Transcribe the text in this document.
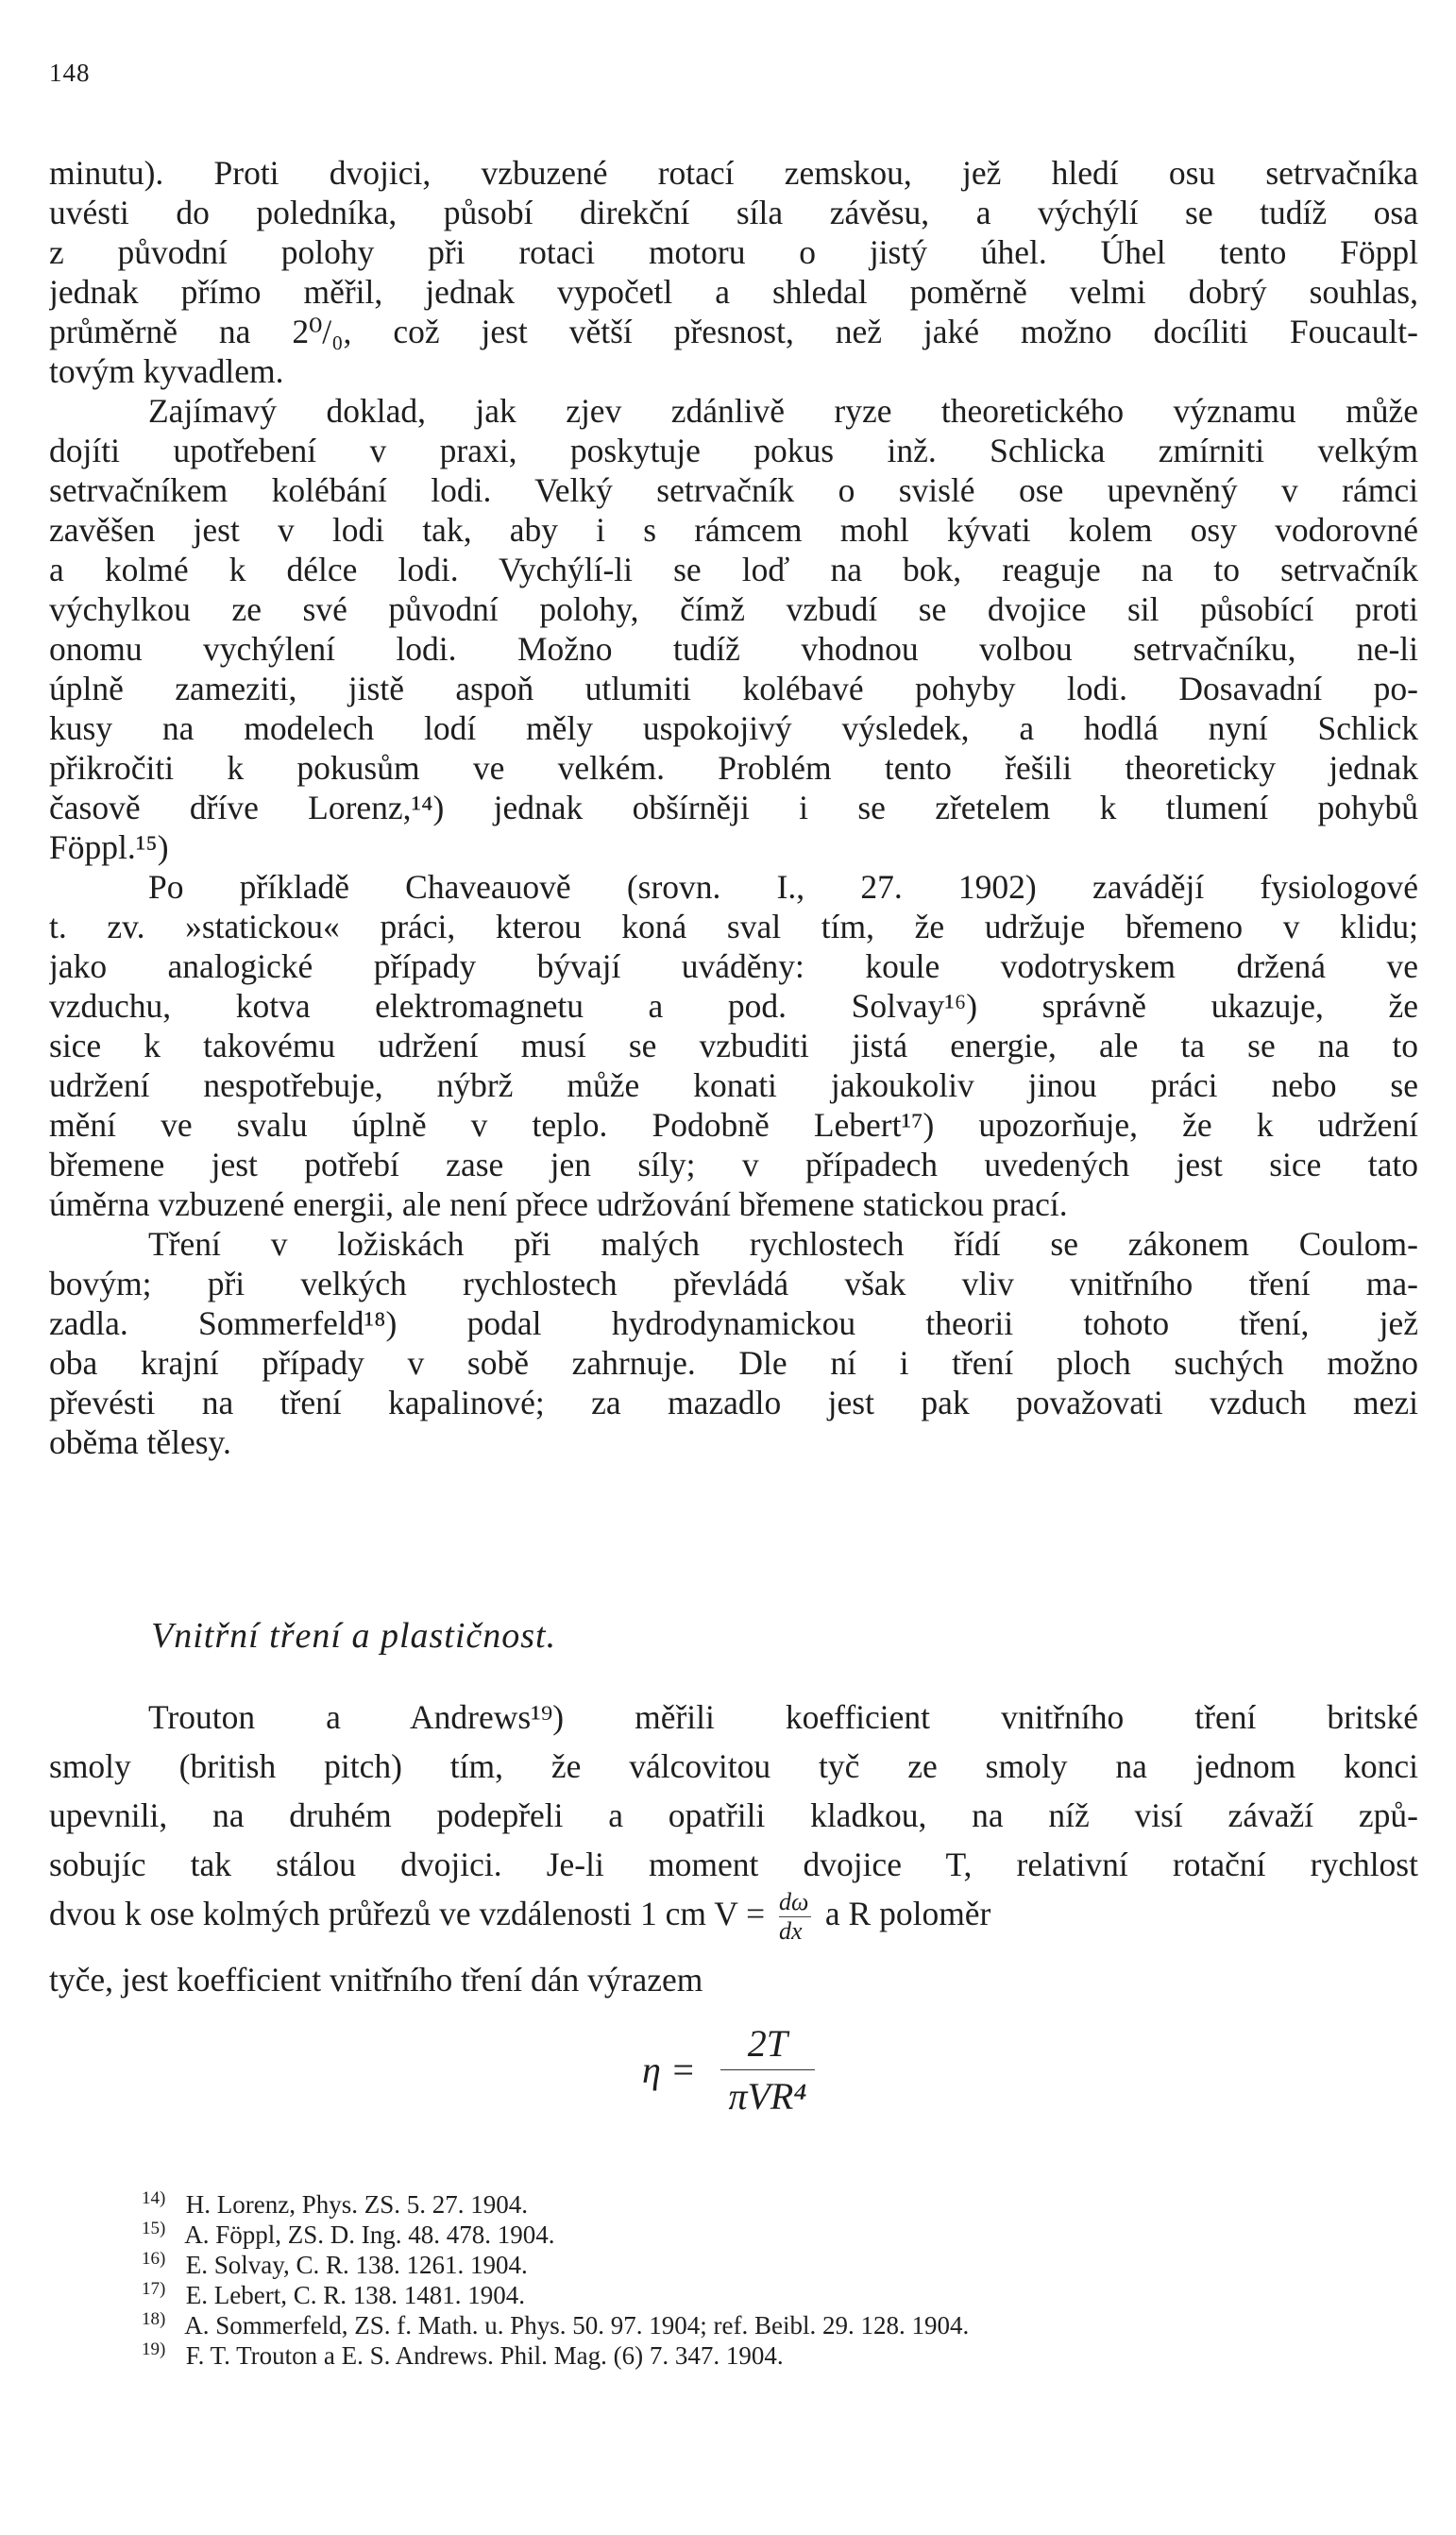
148
minutu). Proti dvojici, vzbuzené rotací zemskou, jež hledí osu setrvačníka
uvésti do poledníka, působí direkční síla závěsu, a výchýlí se tudíž osa
z původní polohy při rotaci motoru o jistý úhel. Úhel tento Föppl
jednak přímo měřil, jednak vypočetl a shledal poměrně velmi dobrý souhlas,
průměrně na 2⁰/₀, což jest větší přesnost, než jaké možno docíliti Foucault-
tovým kyvadlem.
Zajímavý doklad, jak zjev zdánlivě ryze theoretického významu může
dojíti upotřebení v praxi, poskytuje pokus inž. Schlicka zmírniti velkým
setrvačníkem kolébání lodi. Velký setrvačník o svislé ose upevněný v rámci
zavěšen jest v lodi tak, aby i s rámcem mohl kývati kolem osy vodorovné
a kolmé k délce lodi. Vychýlí-li se loď na bok, reaguje na to setrvačník
výchylkou ze své původní polohy, čímž vzbudí se dvojice sil působící proti
onomu vychýlení lodi. Možno tudíž vhodnou volbou setrvačníku, ne-li
úplně zameziti, jistě aspoň utlumiti kolébavé pohyby lodi. Dosavadní po-
kusy na modelech lodí měly uspokojivý výsledek, a hodlá nyní Schlick
přikročiti k pokusům ve velkém. Problém tento řešili theoreticky jednak
časově dříve Lorenz,¹⁴) jednak obšírněji i se zřetelem k tlumení pohybů
Föppl.¹⁵)
Po příkladě Chaveauově (srovn. I., 27. 1902) zavádějí fysiologové
t. zv. »statickou« práci, kterou koná sval tím, že udržuje břemeno v klidu;
jako analogické případy bývají uváděny: koule vodotryskem držená ve
vzduchu, kotva elektromagnetu a pod. Solvay¹⁶) správně ukazuje, že
sice k takovému udržení musí se vzbuditi jistá energie, ale ta se na to
udržení nespotřebuje, nýbrž může konati jakoukoliv jinou práci nebo se
mění ve svalu úplně v teplo. Podobně Lebert¹⁷) upozorňuje, že k udržení
břemene jest potřebí zase jen síly; v případech uvedených jest sice tato
úměrna vzbuzené energii, ale není přece udržování břemene statickou prací.
Tření v ložiskách při malých rychlostech řídí se zákonem Coulom-
bovým; při velkých rychlostech převládá však vliv vnitřního tření ma-
zadla. Sommerfeld¹⁸) podal hydrodynamickou theorii tohoto tření, jež
oba krajní případy v sobě zahrnuje. Dle ní i tření ploch suchých možno
převésti na tření kapalinové; za mazadlo jest pak považovati vzduch mezi
oběma tělesy.
Vnitřní tření a plastičnost.
Trouton a Andrews¹⁹) měřili koefficient vnitřního tření britské
smoly (british pitch) tím, že válcovitou tyč ze smoly na jednom konci
upevnili, na druhém podepřeli a opatřili kladkou, na níž visí závaží způ-
sobujíc tak stálou dvojici. Je-li moment dvojice T, relativní rotační rychlost
dvou k ose kolmých průřezů ve vzdálenosti 1 cm $V = \frac{d\omega}{dx}$ a R poloměr
tyče, jest koefficient vnitřního tření dán výrazem
$\eta = \frac{2T}{\text{πVR⁴}}$
14) H. Lorenz, Phys. ZS. 5. 27. 1904.
15) A. Föppl, ZS. D. Ing. 48. 478. 1904.
16) E. Solvay, C. R. 138. 1261. 1904.
17) E. Lebert, C. R. 138. 1481. 1904.
18) A. Sommerfeld, ZS. f. Math. u. Phys. 50. 97. 1904; ref. Beibl. 29. 128. 1904.
19) F. T. Trouton a E. S. Andrews. Phil. Mag. (6) 7. 347. 1904.
